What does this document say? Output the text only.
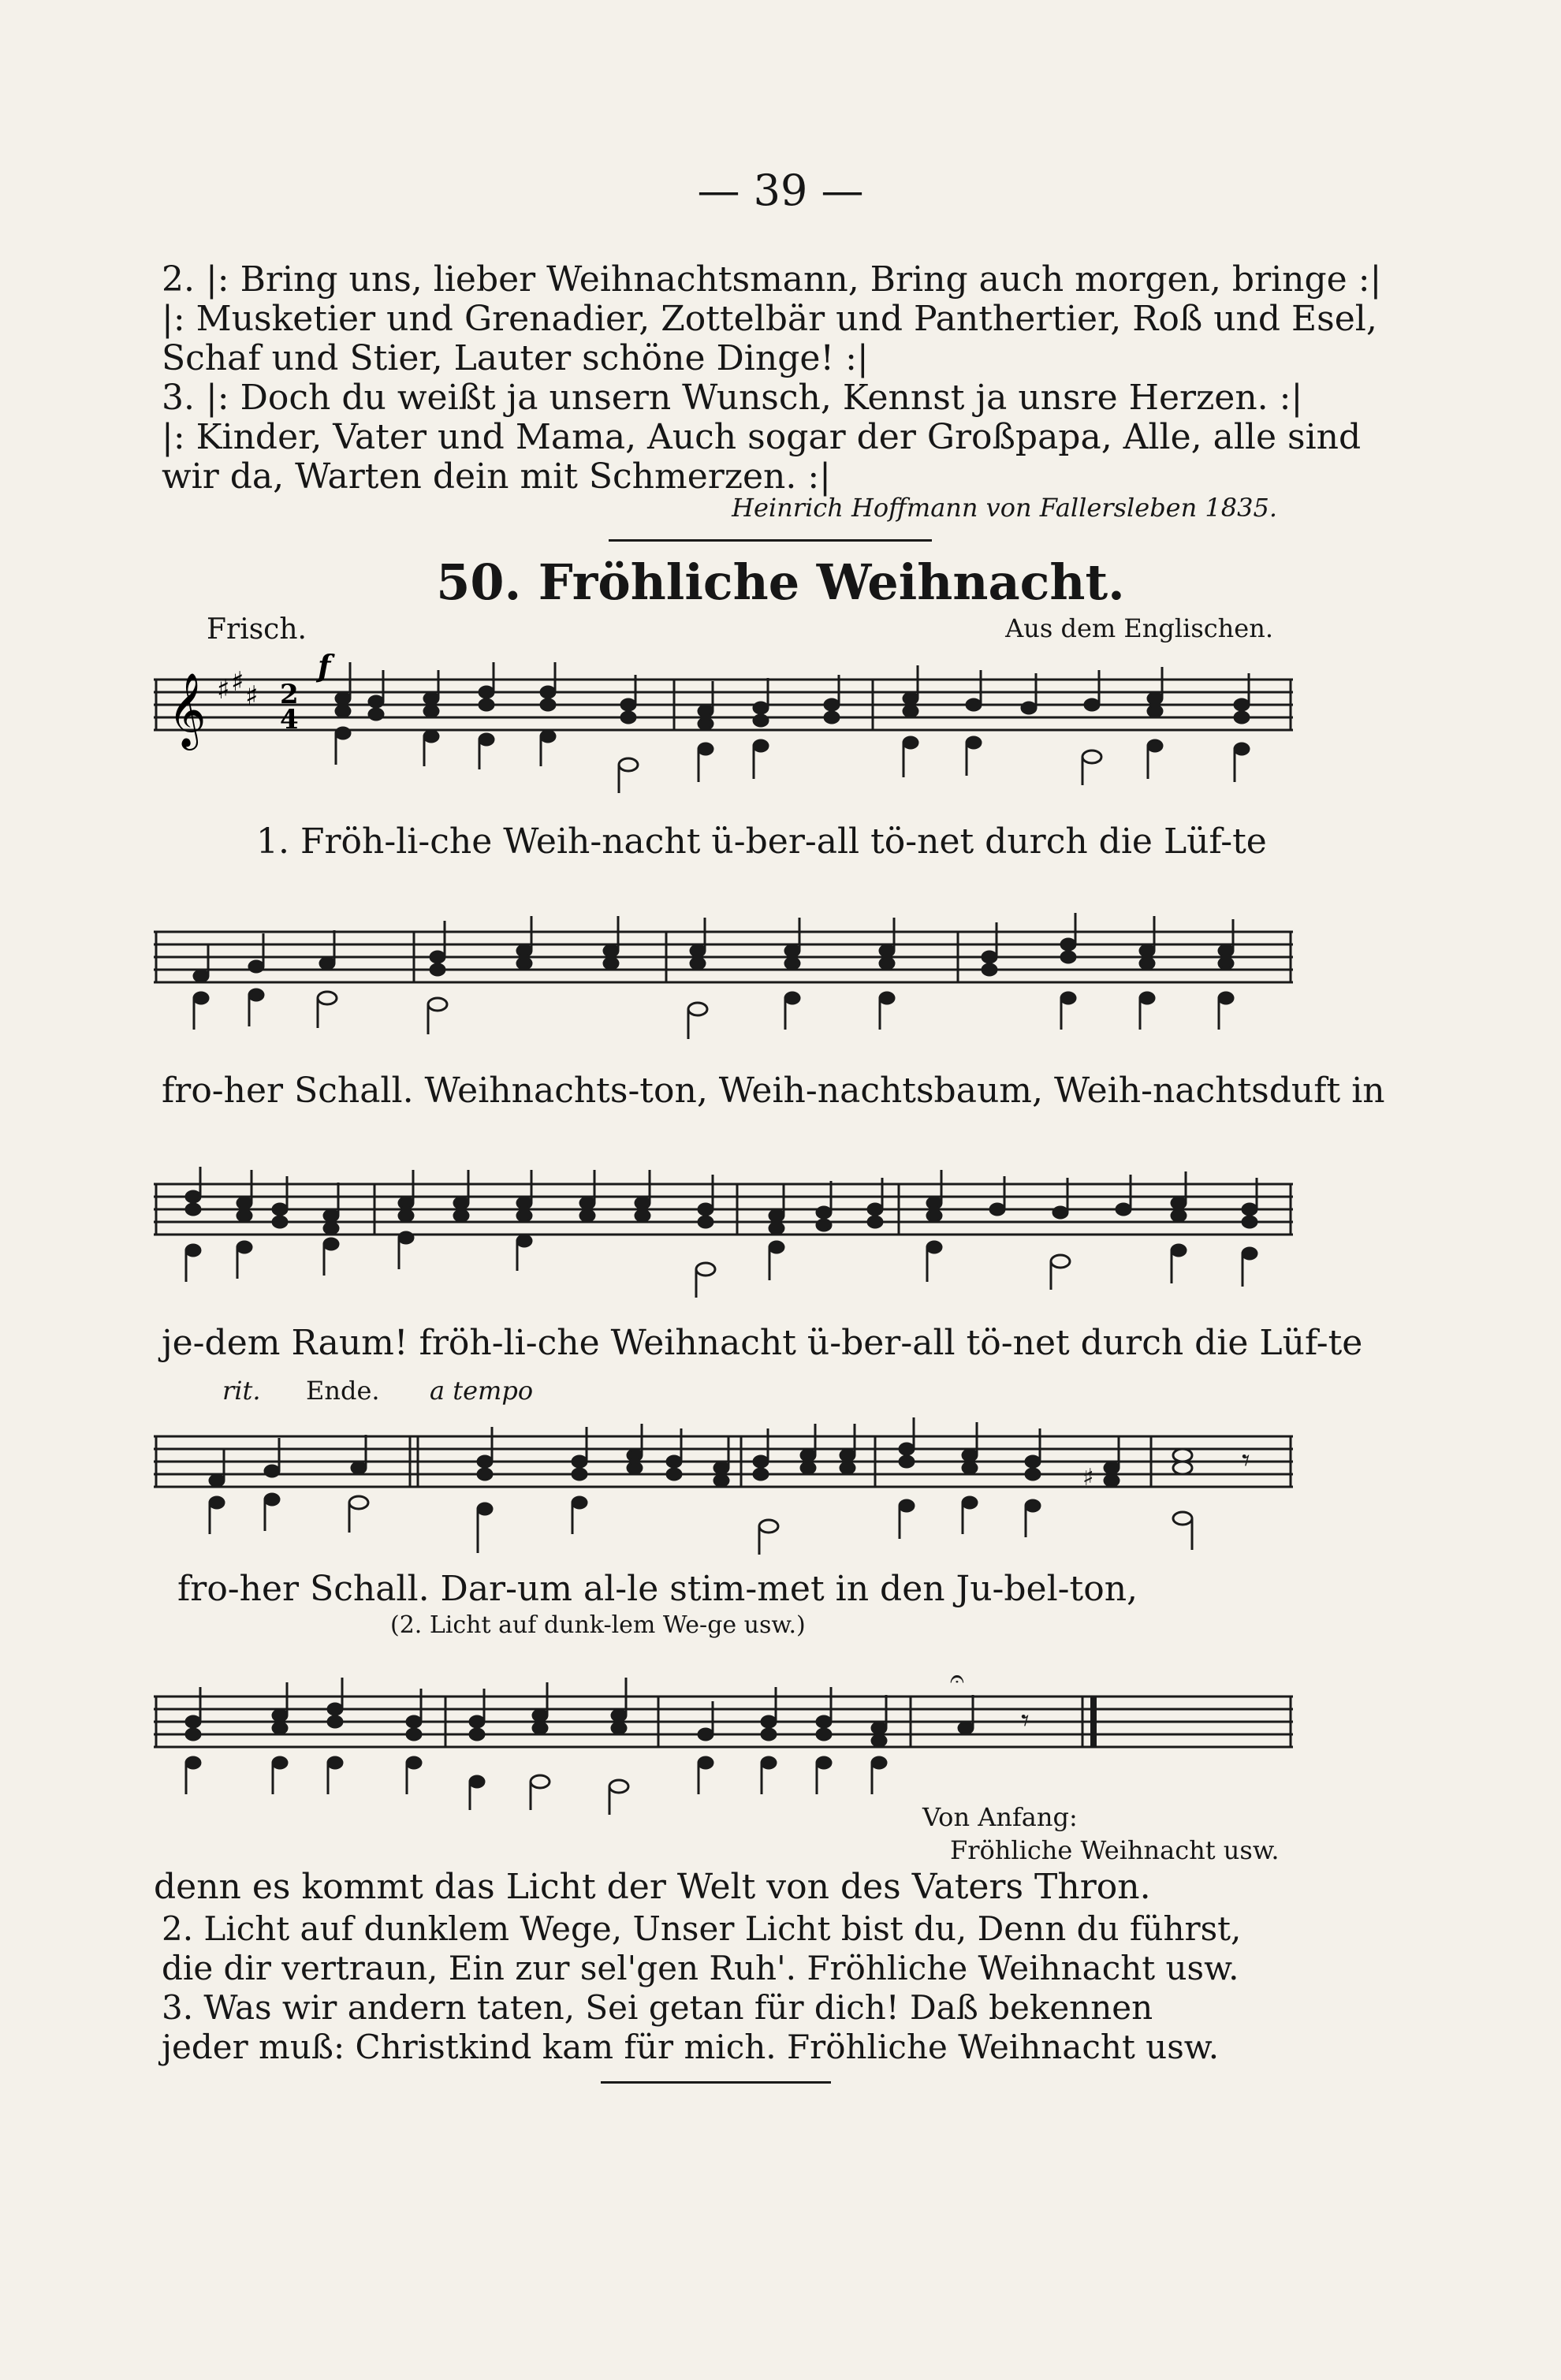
— 39 —
2. |: Bring uns, lieber Weihnachtsmann, Bring auch morgen, bringe :|
|: Musketier und Grenadier, Zottelbär und Panthertier, Roß und Esel,
Schaf und Stier, Lauter schöne Dinge! :|
3. |: Doch du weißt ja unsern Wunsch, Kennst ja unsre Herzen. :|
|: Kinder, Vater und Mama, Auch sogar der Großpapa, Alle, alle sind
wir da, Warten dein mit Schmerzen. :|
Heinrich Hoffmann von Fallersleben 1835.
50. Fröhliche Weihnacht.
Frisch.	Aus dem Englischen.
𝄞 ♯ ♯ ♯ 2
4
f
1. Fröh-li-che Weih-nacht ü-ber-all tö-net durch die Lüf-te
fro-her Schall. Weihnachts-ton, Weih-nachtsbaum, Weih-nachtsduft in
je-dem Raum! fröh-li-che Weihnacht ü-ber-all tö-net durch die Lüf-te
rit. Ende. a tempo
♯	𝄾
fro-her Schall. Dar-um al-le stim-met in den Ju-bel-ton,
(2. Licht auf dunk-lem We-ge usw.)
𝄐
𝄾
Von Anfang:
Fröhliche Weihnacht usw.
denn es kommt das Licht der Welt von des Vaters Thron.
2. Licht auf dunklem Wege, Unser Licht bist du, Denn du führst,
die dir vertraun, Ein zur sel'gen Ruh'. Fröhliche Weihnacht usw.
3. Was wir andern taten, Sei getan für dich! Daß bekennen
jeder muß: Christkind kam für mich. Fröhliche Weihnacht usw.
